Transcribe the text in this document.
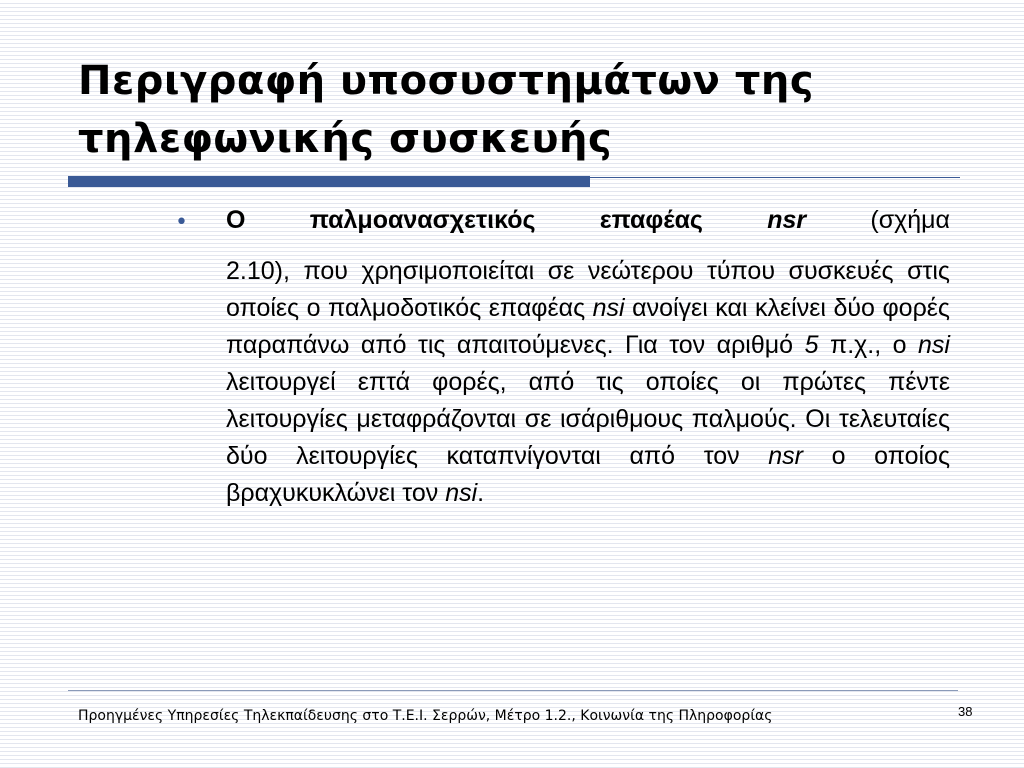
Περιγραφή υποσυστημάτων της τηλεφωνικής συσκευής
• Ο παλμοανασχετικός επαφέας nsr (σχήμα
2.10), που χρησιμοποιείται σε νεώτερου τύπου συσκευές στις οποίες ο παλμοδοτικός επαφέας nsi ανοίγει και κλείνει δύο φορές παραπάνω από τις απαιτούμενες. Για τον αριθμό 5 π.χ., ο nsi λειτουργεί επτά φορές, από τις οποίες οι πρώτες πέντε λειτουργίες μεταφράζονται σε ισάριθμους παλμούς. Οι τελευταίες δύο λειτουργίες καταπνίγονται από τον nsr ο οποίος βραχυκυκλώνει τον nsi.

Προηγμένες Υπηρεσίες Τηλεκπαίδευσης στο Τ.Ε.Ι. Σερρών, Μέτρο 1.2., Κοινωνία της Πληροφορίας	38
